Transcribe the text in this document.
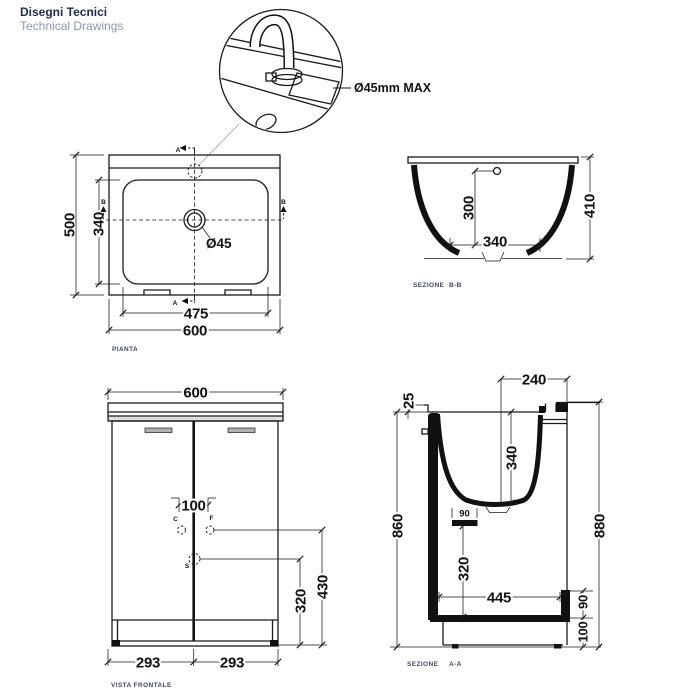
Disegni Tecnici
Technical Drawings
Ø45mm MAX
500 340
475
600
Ø45
A
A
B	B
PIANTA
300
340
410
SEZIONE B-B
C	F
S
600
100
293	293
320
430
VISTA FRONTALE
240
25
340
90
320
445	90
100
860	880
SEZIONE A-A
